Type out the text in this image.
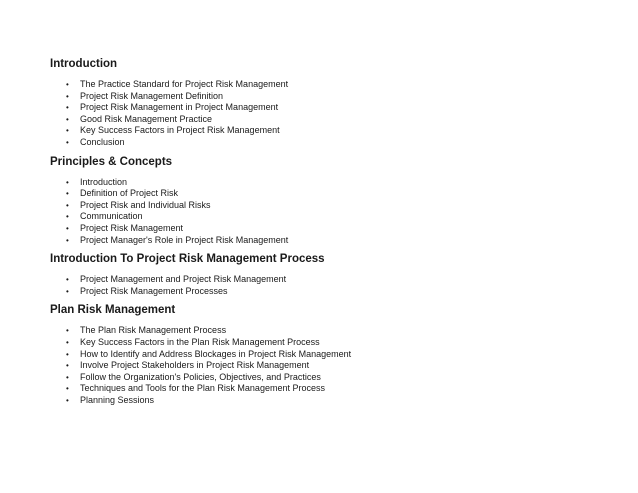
Introduction
• The Practice Standard for Project Risk Management
• Project Risk Management Definition
• Project Risk Management in Project Management
• Good Risk Management Practice
• Key Success Factors in Project Risk Management
• Conclusion
Principles & Concepts
• Introduction
• Definition of Project Risk
• Project Risk and Individual Risks
• Communication
• Project Risk Management
• Project Manager's Role in Project Risk Management
Introduction To Project Risk Management Process
• Project Management and Project Risk Management
• Project Risk Management Processes
Plan Risk Management
• The Plan Risk Management Process
• Key Success Factors in the Plan Risk Management Process
• How to Identify and Address Blockages in Project Risk Management
• Involve Project Stakeholders in Project Risk Management
• Follow the Organization's Policies, Objectives, and Practices
• Techniques and Tools for the Plan Risk Management Process
• Planning Sessions
